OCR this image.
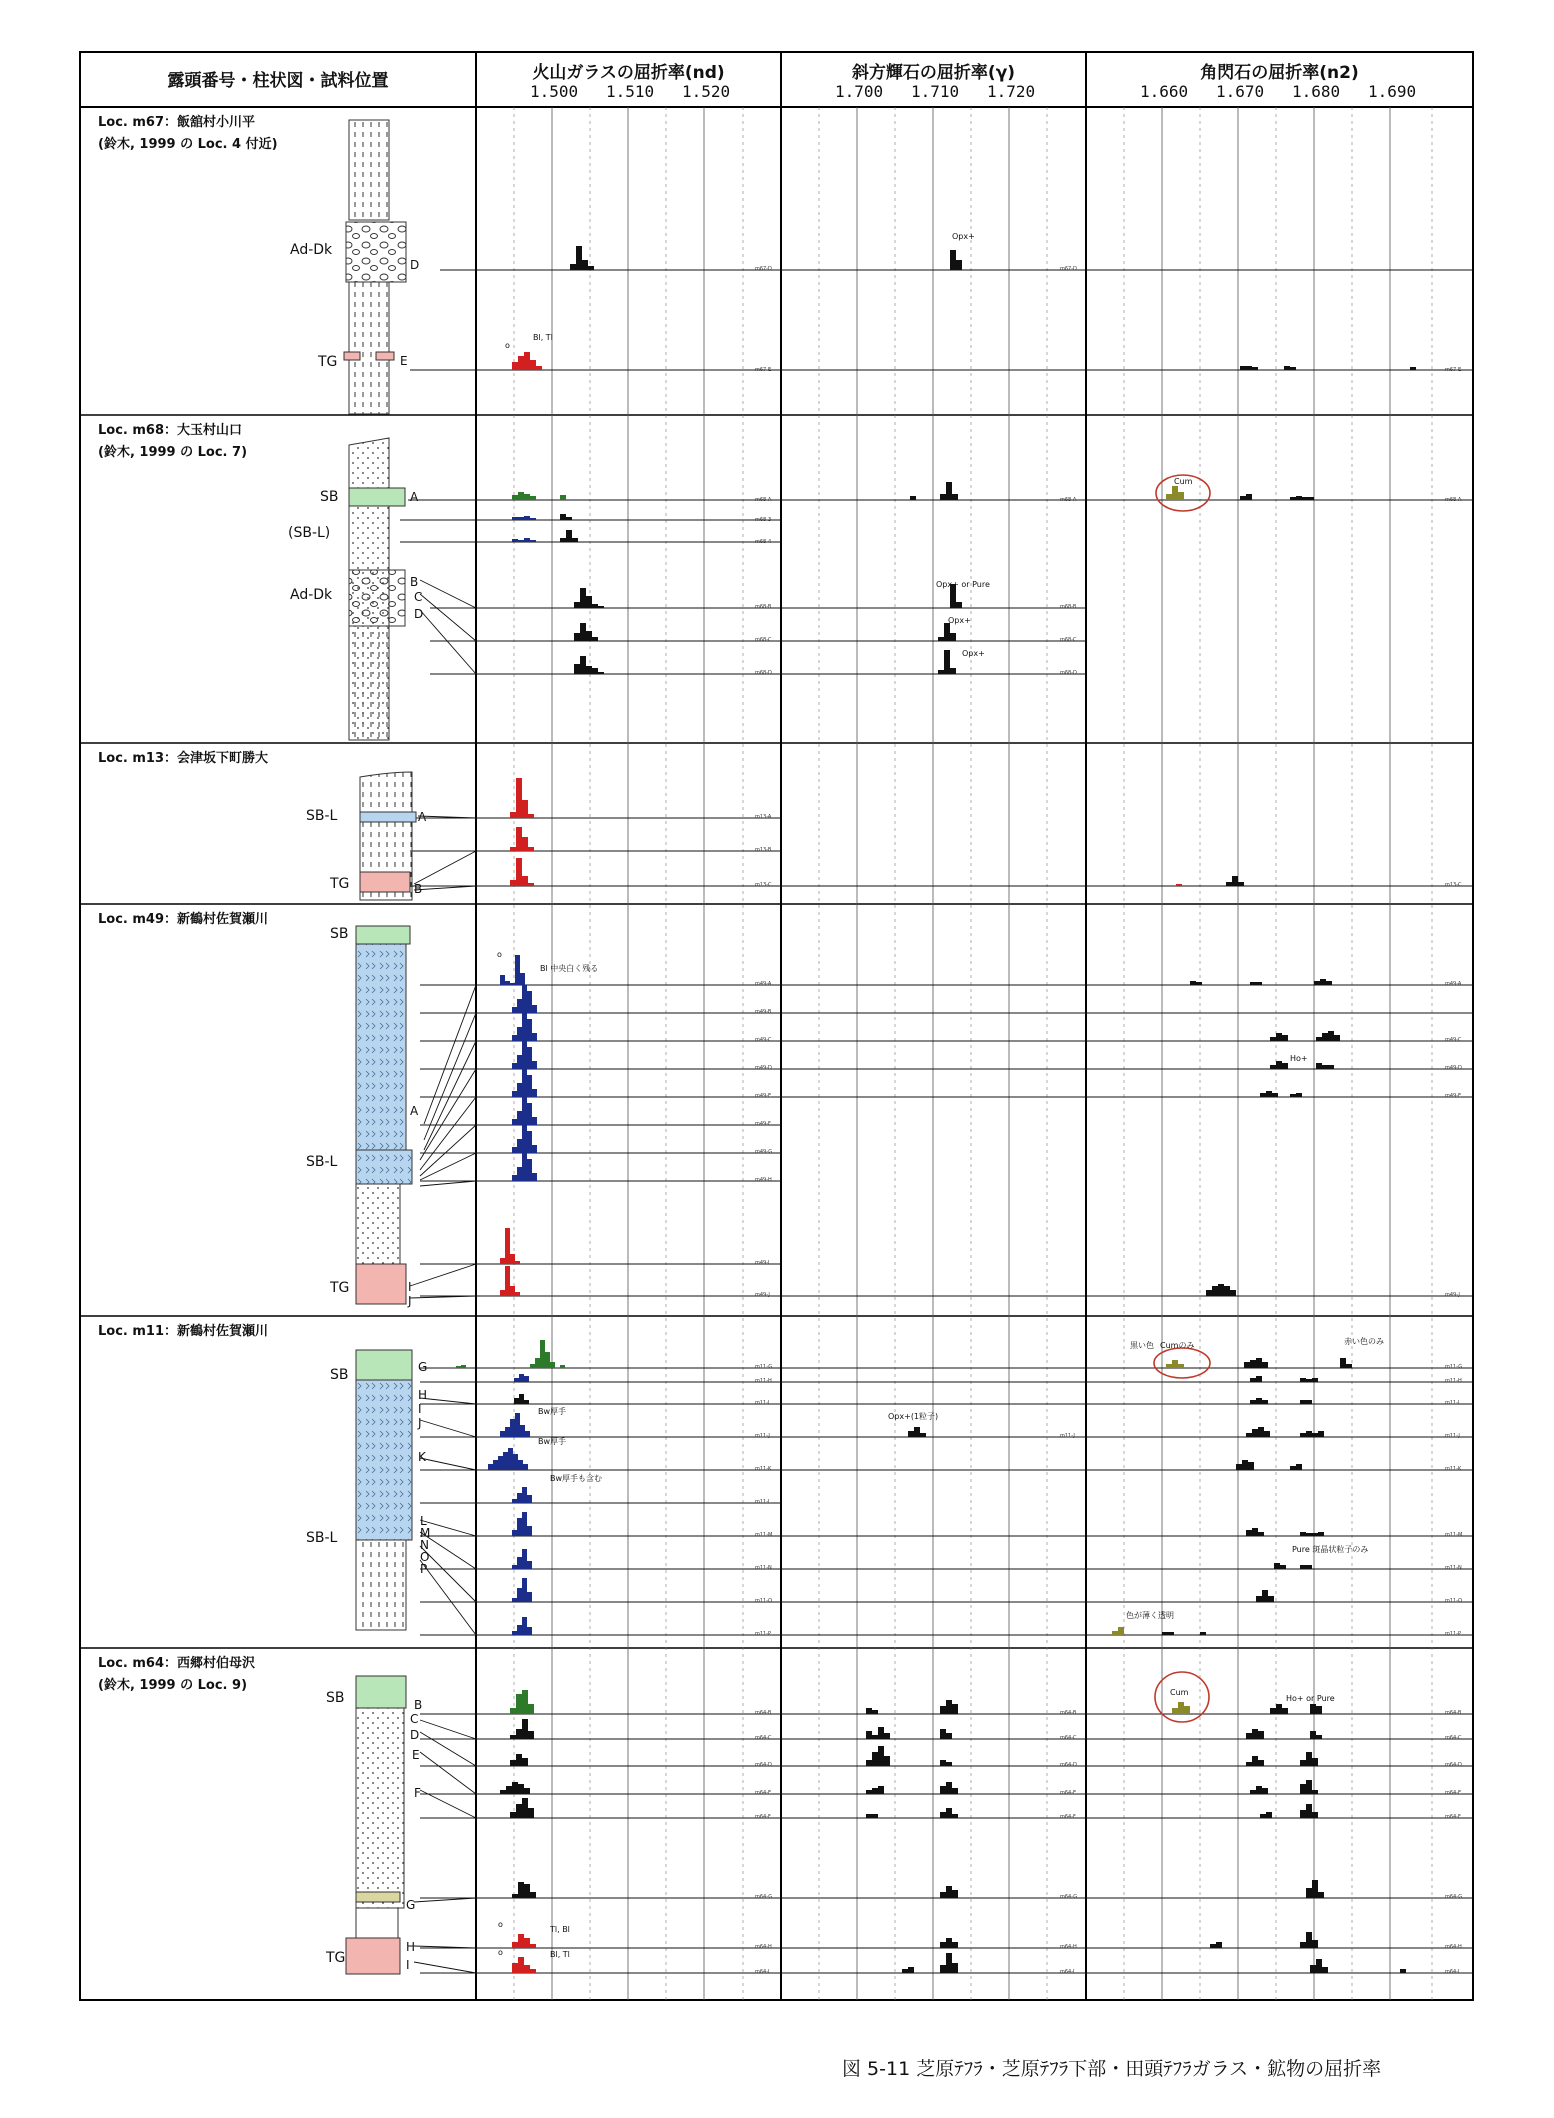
露頭番号・柱状図・試料位置	火山ガラスの屈折率(nd)	斜方輝石の屈折率(γ)	角閃石の屈折率(n2)
1.500 1.510 1.520	1.700 1.710 1.720	1.660 1.670 1.680 1.690
Loc. m67：飯舘村小川平
(鈴木, 1999 の Loc. 4 付近)
Loc. m68：大玉村山口
(鈴木, 1999 の Loc. 7)
Loc. m13：会津坂下町勝大
Loc. m49：新鶴村佐賀瀬川
Loc. m11：新鶴村佐賀瀬川
Loc. m64：西郷村伯母沢
(鈴木, 1999 の Loc. 9)
Ad-Dk
TG
D
E
SB
(SB-L)
Ad-Dk
A
B
C
D
SB-L
TG
A
B
SB
SB-L
TG
A
I
J
SB
SB-L
G
H
I
J
K
L
M
N
O
P
SB
TG
B
C
D
E
F
G
H
I
m67-D	m67-D
m67-E	m67-E
m68-A	m68-A	m68-A
m68-3
m68-4
m68-B	m68-B
m68-C	m68-C
m68-D	m68-D
m13-A
m13-B
m13-C	m13-C
m49-A	m49-A
m49-B
m49-C	m49-C
m49-D	m49-D
m49-E	m49-E
m49-F
m49-G
m49-H
m49-I
m49-J	m49-J
m11-G	m11-G
m11-H	m11-H
m11-I	m11-I
m11-J	m11-J	m11-J
m11-K	m11-K
m11-L
m11-M	m11-M
m11-N	m11-N
m11-O	m11-O
m11-P	m11-P
m64-B	m64-B	m64-B
m64-C	m64-C	m64-C
m64-D	m64-D	m64-D
m64-E	m64-E	m64-E
m64-F	m64-F	m64-F
m64-G	m64-G	m64-G
m64-H	m64-H	m64-H
m64-I	m64-I	m64-I
Opx+
Bl, Tl
o
Cum
Opx+ or Pure
Opx+
Opx+
o
Bl 中央白く残る
Ho+
黒い色 Cumのみ	赤い色のみ
Opx+(1粒子)
Bw厚手
Bw厚手
Bw厚手も含む
Pure 斑晶状粒子のみ
色が薄く透明
Cum
Ho+ or Pure
Tl, Bl
o
Bl, Tl
o
図 5-11 芝原ﾃﾌﾗ・芝原ﾃﾌﾗ下部・田頭ﾃﾌﾗガラス・鉱物の屈折率
